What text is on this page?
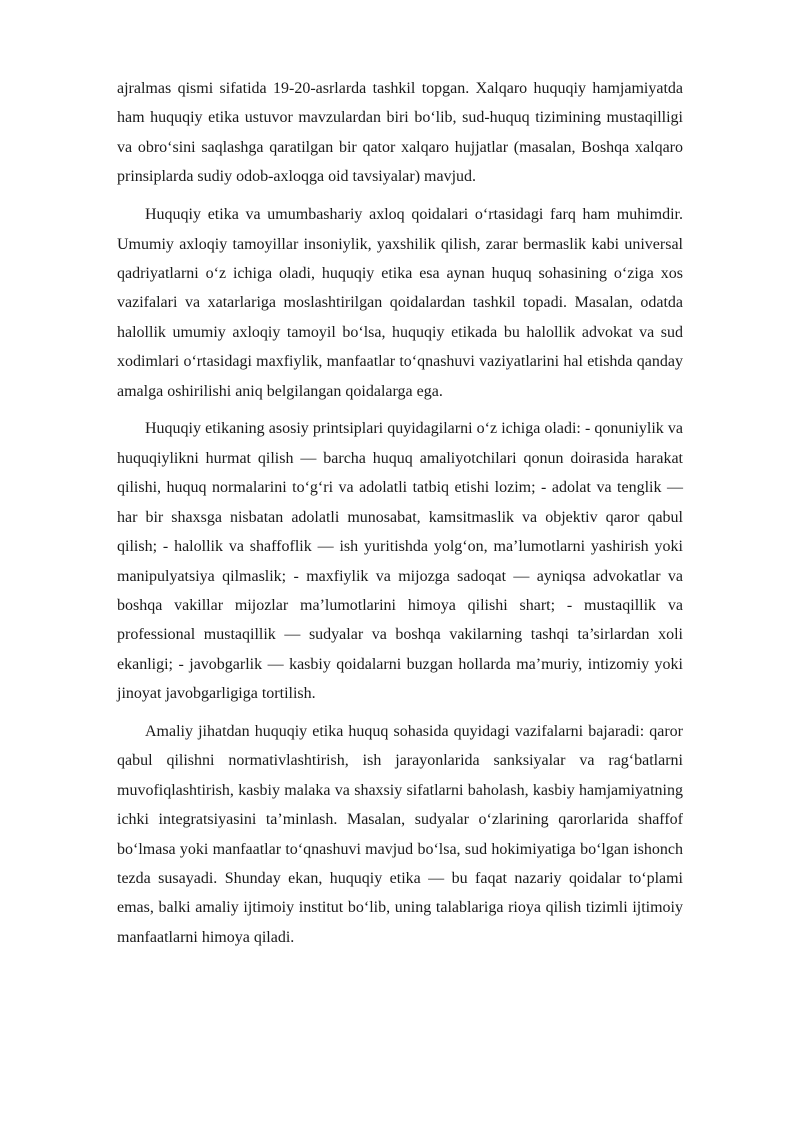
ajralmas qismi sifatida 19-20-asrlarda tashkil topgan. Xalqaro huquqiy hamjamiyatda ham huquqiy etika ustuvor mavzulardan biri bo‘lib, sud-huquq tizimining mustaqilligi va obro‘sini saqlashga qaratilgan bir qator xalqaro hujjatlar (masalan, Boshqa xalqaro prinsiplarda sudiy odob-axloqga oid tavsiyalar) mavjud.

Huquqiy etika va umumbashariy axloq qoidalari o‘rtasidagi farq ham muhimdir. Umumiy axloqiy tamoyillar insoniylik, yaxshilik qilish, zarar bermaslik kabi universal qadriyatlarni o‘z ichiga oladi, huquqiy etika esa aynan huquq sohasining o‘ziga xos vazifalari va xatarlariga moslashtirilgan qoidalardan tashkil topadi. Masalan, odatda halollik umumiy axloqiy tamoyil bo‘lsa, huquqiy etikada bu halollik advokat va sud xodimlari o‘rtasidagi maxfiylik, manfaatlar to‘qnashuvi vaziyatlarini hal etishda qanday amalga oshirilishi aniq belgilangan qoidalarga ega.

Huquqiy etikaning asosiy printsiplari quyidagilarni o‘z ichiga oladi: - qonuniylik va huquqiylikni hurmat qilish — barcha huquq amaliyotchilari qonun doirasida harakat qilishi, huquq normalarini to‘g‘ri va adolatli tatbiq etishi lozim; - adolat va tenglik — har bir shaxsga nisbatan adolatli munosabat, kamsitmaslik va objektiv qaror qabul qilish; - halollik va shaffoflik — ish yuritishda yolg‘on, ma’lumotlarni yashirish yoki manipulyatsiya qilmaslik; - maxfiylik va mijozga sadoqat — ayniqsa advokatlar va boshqa vakillar mijozlar ma’lumotlarini himoya qilishi shart; - mustaqillik va professional mustaqillik — sudyalar va boshqa vakilarning tashqi ta’sirlardan xoli ekanligi; - javobgarlik — kasbiy qoidalarni buzgan hollarda ma’muriy, intizomiy yoki jinoyat javobgarligiga tortilish.

Amaliy jihatdan huquqiy etika huquq sohasida quyidagi vazifalarni bajaradi: qaror qabul qilishni normativlashtirish, ish jarayonlarida sanksiyalar va rag‘batlarni muvofiqlashtirish, kasbiy malaka va shaxsiy sifatlarni baholash, kasbiy hamjamiyatning ichki integratsiyasini ta’minlash. Masalan, sudyalar o‘zlarining qarorlarida shaffof bo‘lmasa yoki manfaatlar to‘qnashuvi mavjud bo‘lsa, sud hokimiyatiga bo‘lgan ishonch tezda susayadi. Shunday ekan, huquqiy etika — bu faqat nazariy qoidalar to‘plami emas, balki amaliy ijtimoiy institut bo‘lib, uning talablariga rioya qilish tizimli ijtimoiy manfaatlarni himoya qiladi.
